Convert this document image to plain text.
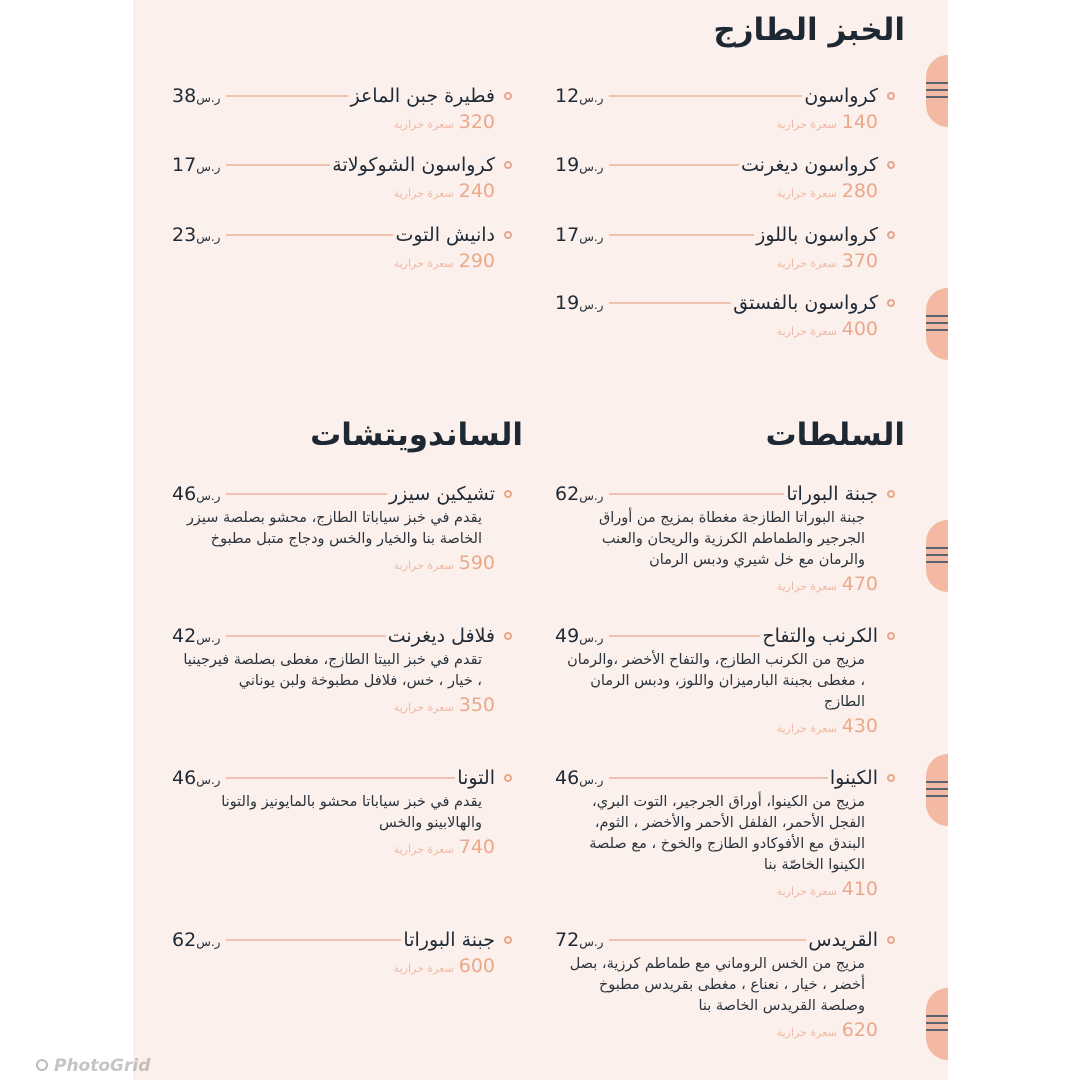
الخبز الطازج
السلطات
الساندويتشات
كرواسون
ر.س12
140سعرة حرارية
كرواسون ديغرنت
ر.س19
280سعرة حرارية
كرواسون باللوز
ر.س17
370سعرة حرارية
كرواسون بالفستق
ر.س19
400سعرة حرارية
فطيرة جبن الماعز
ر.س38
320سعرة حرارية
كرواسون الشوكولاتة
ر.س17
240سعرة حرارية
دانيش التوت
ر.س23
290سعرة حرارية
جبنة البوراتا
ر.س62
جبنة البوراتا الطازجة مغطاة بمزيج من أوراق الجرجير والطماطم الكرزية والريحان والعنب والرمان مع خل شيري ودبس الرمان
470سعرة حرارية
الكرنب والتفاح
ر.س49
مزيج من الكرنب الطازج، والتفاح الأخضر ،والرمان ، مغطى بجبنة البارميزان واللوز، ودبس الرمان الطازج
430سعرة حرارية
الكينوا
ر.س46
مزيج من الكينوا، أوراق الجرجير، التوت البري، الفجل الأحمر، الفلفل الأحمر والأخضر ، الثوم، البندق مع الأفوكادو الطازج والخوخ ، مع صلصة الكينوا الخاصّة بنا
410سعرة حرارية
القريدس
ر.س72
مزيج من الخس الروماني مع طماطم كرزية، بصل أخضر ، خيار ، نعناع ، مغطى بقريدس مطبوخ وصلصة القريدس الخاصة بنا
620سعرة حرارية
تشيكين سيزر
ر.س46
يقدم في خبز سياباتا الطازج، محشو بصلصة سيزر الخاصة بنا والخيار والخس ودجاج متبل مطبوخ
590سعرة حرارية
فلافل ديغرنت
ر.س42
تقدم في خبز البيتا الطازج، مغطى بصلصة فيرجينيا ، خيار ، خس، فلافل مطبوخة ولبن يوناني
350سعرة حرارية
التونا
ر.س46
يقدم في خبز سياباتا محشو بالمايونيز والتونا والهالابينو والخس
740سعرة حرارية
جبنة البوراتا
ر.س62
600سعرة حرارية
PhotoGrid
